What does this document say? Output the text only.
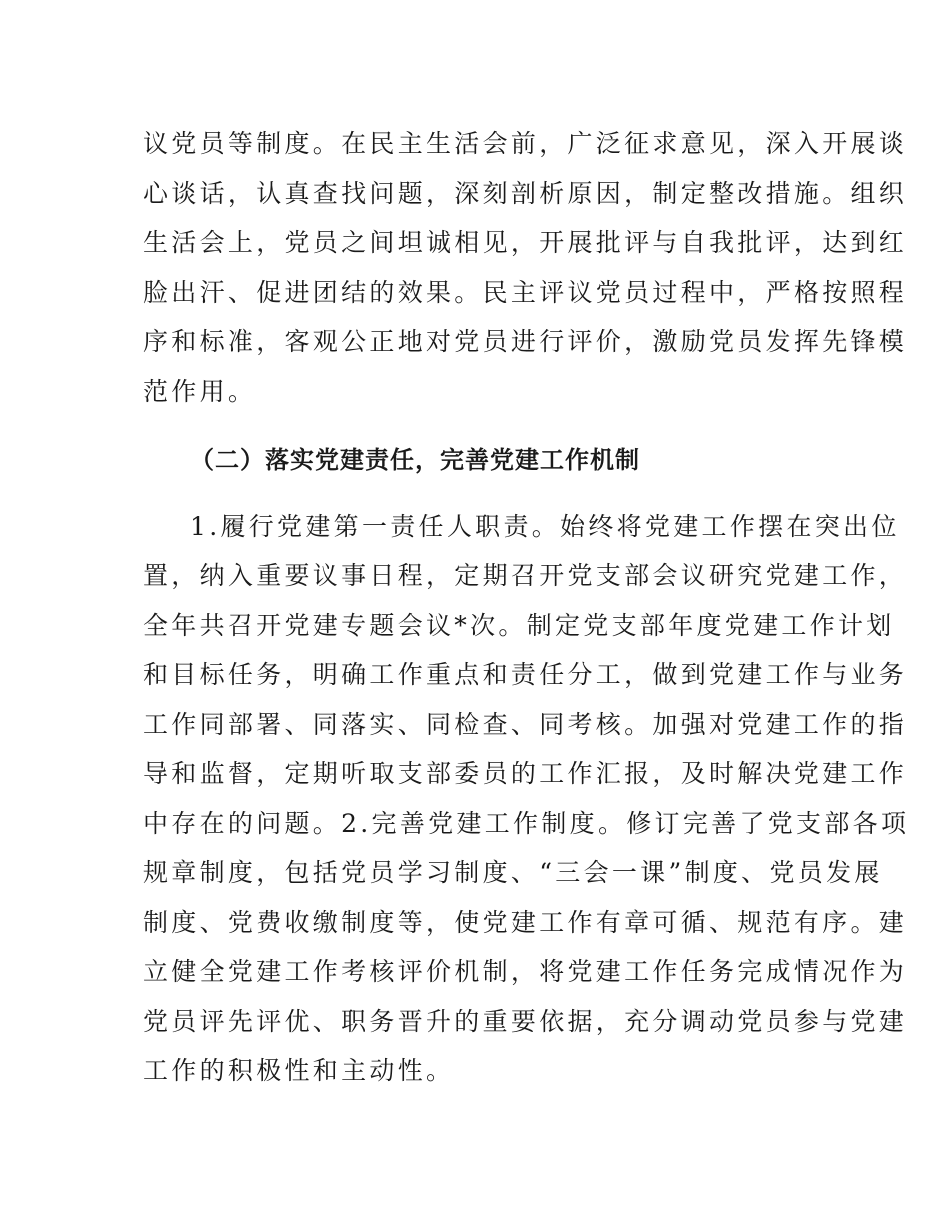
议党员等制度。在民主生活会前，广泛征求意见，深入开展谈

心谈话，认真查找问题，深刻剖析原因，制定整改措施。组织

生活会上，党员之间坦诚相见，开展批评与自我批评，达到红

脸出汗、促进团结的效果。民主评议党员过程中，严格按照程

序和标准，客观公正地对党员进行评价，激励党员发挥先锋模

范作用。

（二）落实党建责任，完善党建工作机制

1.履行党建第一责任人职责。始终将党建工作摆在突出位

置，纳入重要议事日程，定期召开党支部会议研究党建工作，

全年共召开党建专题会议*次。制定党支部年度党建工作计划

和目标任务，明确工作重点和责任分工，做到党建工作与业务

工作同部署、同落实、同检查、同考核。加强对党建工作的指

导和监督，定期听取支部委员的工作汇报，及时解决党建工作

中存在的问题。2.完善党建工作制度。修订完善了党支部各项

规章制度，包括党员学习制度、“三会一课”制度、党员发展

制度、党费收缴制度等，使党建工作有章可循、规范有序。建

立健全党建工作考核评价机制，将党建工作任务完成情况作为

党员评先评优、职务晋升的重要依据，充分调动党员参与党建

工作的积极性和主动性。
